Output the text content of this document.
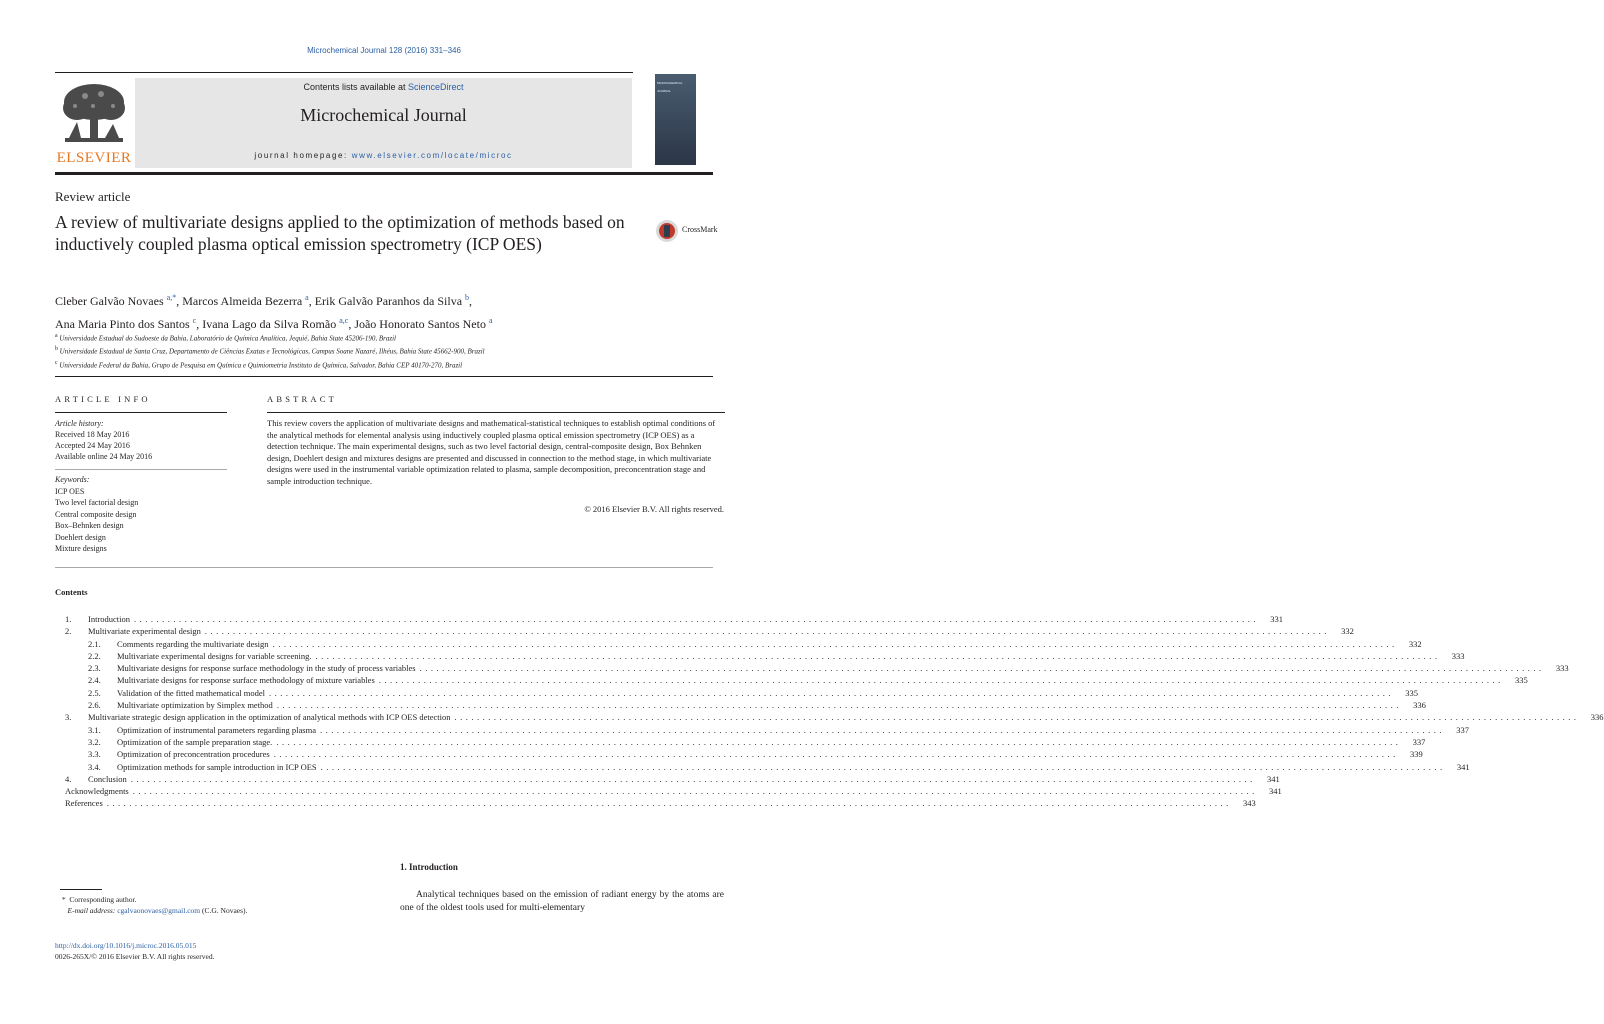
Microchemical Journal 128 (2016) 331–346
ELSEVIER
Contents lists available at ScienceDirect
Microchemical Journal
journal homepage: www.elsevier.com/locate/microc
MICROCHEMICAL
JOURNAL
Review article
A review of multivariate designs applied to the optimization of methods based on inductively coupled plasma optical emission spectrometry (ICP OES)
CrossMark
Cleber Galvão Novaes $^{a,*}$, Marcos Almeida Bezerra $^a$, Erik Galvão Paranhos da Silva $^b$,
Ana Maria Pinto dos Santos $^c$, Ivana Lago da Silva Romão $^{a,c}$, João Honorato Santos Neto $^a$
$^a$ Universidade Estadual do Sudoeste da Bahia, Laboratório de Química Analítica, Jequié, Bahia State 45206-190, Brazil
$^b$ Universidade Estadual de Santa Cruz, Departamento de Ciências Exatas e Tecnológicas, Campus Soane Nazaré, Ilhéus, Bahia State 45662-900, Brazil
$^c$ Universidade Federal da Bahia, Grupo de Pesquisa em Química e Quimiometria Instituto de Química, Salvador, Bahia CEP 40170-270, Brazil
ARTICLE INFO	ABSTRACT
Article history:
Received 18 May 2016
Accepted 24 May 2016
Available online 24 May 2016
Keywords:
ICP OES
Two level factorial design
Central composite design
Box–Behnken design
Doehlert design
Mixture designs
This review covers the application of multivariate designs and mathematical-statistical techniques to establish optimal conditions of the analytical methods for elemental analysis using inductively coupled plasma optical emission spectrometry (ICP OES) as a detection technique. The main experimental designs, such as two level factorial design, central-composite design, Box Behnken design, Doehlert design and mixtures designs are presented and discussed in connection to the method stage, in which multivariate designs were used in the instrumental variable optimization related to plasma, sample decomposition, preconcentration stage and sample introduction technique.
© 2016 Elsevier B.V. All rights reserved.
Contents
1.	Introduction ........................................................................................................................................................................................................	331
2.	Multivariate experimental design ........................................................................................................................................................................................................	332
2.1.	Comments regarding the multivariate design ........................................................................................................................................................................................................	332
2.2.	Multivariate experimental designs for variable screening. ........................................................................................................................................................................................................	333
2.3.	Multivariate designs for response surface methodology in the study of process variables ........................................................................................................................................................................................................	333
2.4.	Multivariate designs for response surface methodology of mixture variables ........................................................................................................................................................................................................	335
2.5.	Validation of the fitted mathematical model ........................................................................................................................................................................................................	335
2.6.	Multivariate optimization by Simplex method ........................................................................................................................................................................................................	336
3.	Multivariate strategic design application in the optimization of analytical methods with ICP OES detection ........................................................................................................................................................................................................	336
3.1.	Optimization of instrumental parameters regarding plasma ........................................................................................................................................................................................................	337
3.2.	Optimization of the sample preparation stage. ........................................................................................................................................................................................................	337
3.3.	Optimization of preconcentration procedures ........................................................................................................................................................................................................	339
3.4.	Optimization methods for sample introduction in ICP OES ........................................................................................................................................................................................................	341
4.	Conclusion ........................................................................................................................................................................................................	341
Acknowledgments ........................................................................................................................................................................................................	341
References ........................................................................................................................................................................................................	343
1. Introduction
Analytical techniques based on the emission of radiant energy by the atoms are one of the oldest tools used for multi-elementary
* Corresponding author.
E-mail address: cgalvaonovaes@gmail.com (C.G. Novaes).
http://dx.doi.org/10.1016/j.microc.2016.05.015
0026-265X/© 2016 Elsevier B.V. All rights reserved.
